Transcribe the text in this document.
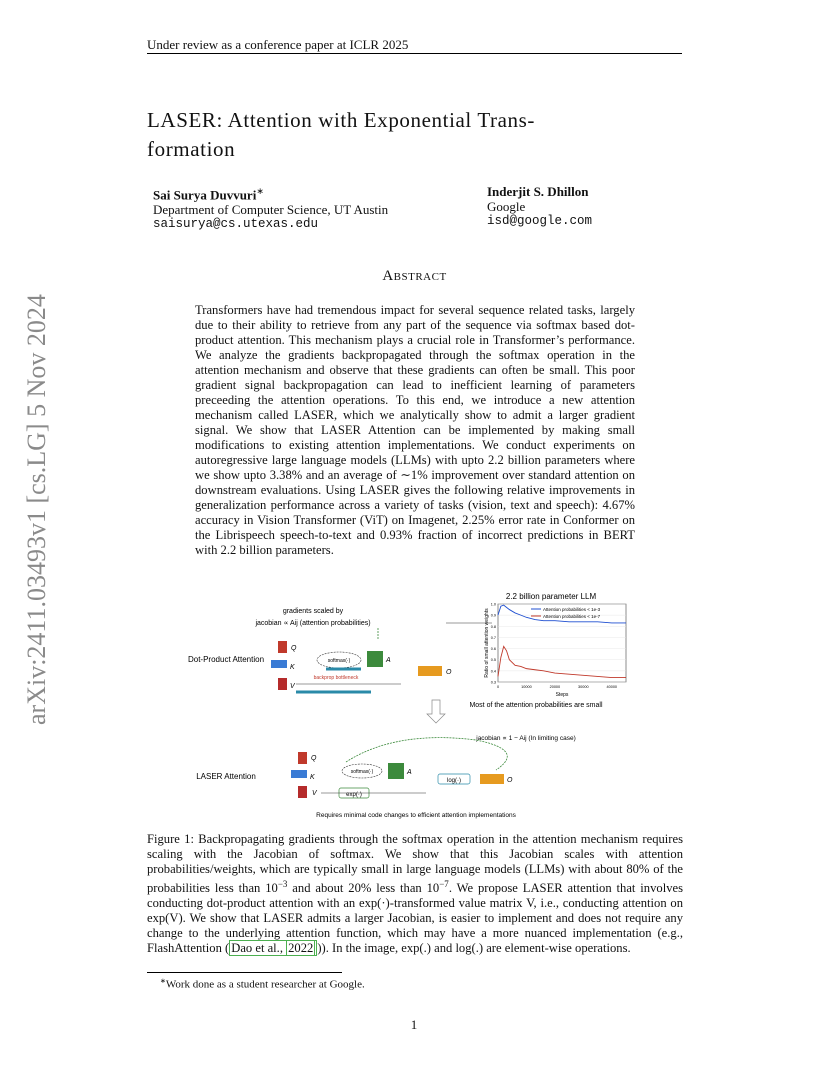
arXiv:2411.03493v1 [cs.LG] 5 Nov 2024
Under review as a conference paper at ICLR 2025
LASER: Attention with Exponential Trans-
formation
Sai Surya Duvvuri∗
Department of Computer Science, UT Austin
saisurya@cs.utexas.edu
Inderjit S. Dhillon
Google
isd@google.com
Abstract
Transformers have had tremendous impact for several sequence related tasks, largely due to their ability to retrieve from any part of the sequence via softmax based dot-product attention. This mechanism plays a crucial role in Transformer’s performance. We analyze the gradients backpropagated through the softmax operation in the attention mechanism and observe that these gradients can often be small. This poor gradient signal backpropagation can lead to inefficient learning of parameters preceeding the attention operations. To this end, we introduce a new attention mechanism called LASER, which we analytically show to admit a larger gradient signal. We show that LASER Attention can be implemented by making small modifications to existing attention implementations. We conduct experiments on autoregressive large language models (LLMs) with upto 2.2 billion parameters where we show upto 3.38% and an average of ∼1% improvement over standard attention on downstream evaluations. Using LASER gives the following relative improvements in generalization performance across a variety of tasks (vision, text and speech): 4.67% accuracy in Vision Transformer (ViT) on Imagenet, 2.25% error rate in Conformer on the Librispeech speech-to-text and 0.93% fraction of incorrect predictions in BERT with 2.2 billion parameters.
2.2 billion parameter LLM
0.3
0.4
0.5
0.6
0.7
0.8
0.9
1.0
0	10000	20000	30000	40000
Ratio of small attention weights
Steps
Attention probabilities < 1e-3
Attention probabilities < 1e-7
Most of the attention probabilities are small
gradients scaled by
jacobian ∝ Aij (attention probabilities)
Dot-Product Attention
Q
K
V
softmax(·)	A
O
backprop bottleneck
jacobian ∝ 1 − Aij (In limiting case)
LASER Attention
Q
K
V
softmax(·)	A
exp(·)
log(·)	O
Requires minimal code changes to efficient attention implementations
Figure 1: Backpropagating gradients through the softmax operation in the attention mechanism requires scaling with the Jacobian of softmax. We show that this Jacobian scales with attention probabilities/weights, which are typically small in large language models (LLMs) with about 80% of the probabilities less than $10^{-3}$ and about 20% less than $10^{-7}$. We propose LASER attention that involves conducting dot-product attention with an exp(·)-transformed value matrix V, i.e., conducting attention on exp(V). We show that LASER admits a larger Jacobian, is easier to implement and does not require any change to the underlying attention function, which may have a more nuanced implementation (e.g., FlashAttention ( Dao et al., 2022 )). In the image, exp(.) and log(.) are element-wise operations.
∗Work done as a student researcher at Google.
1
